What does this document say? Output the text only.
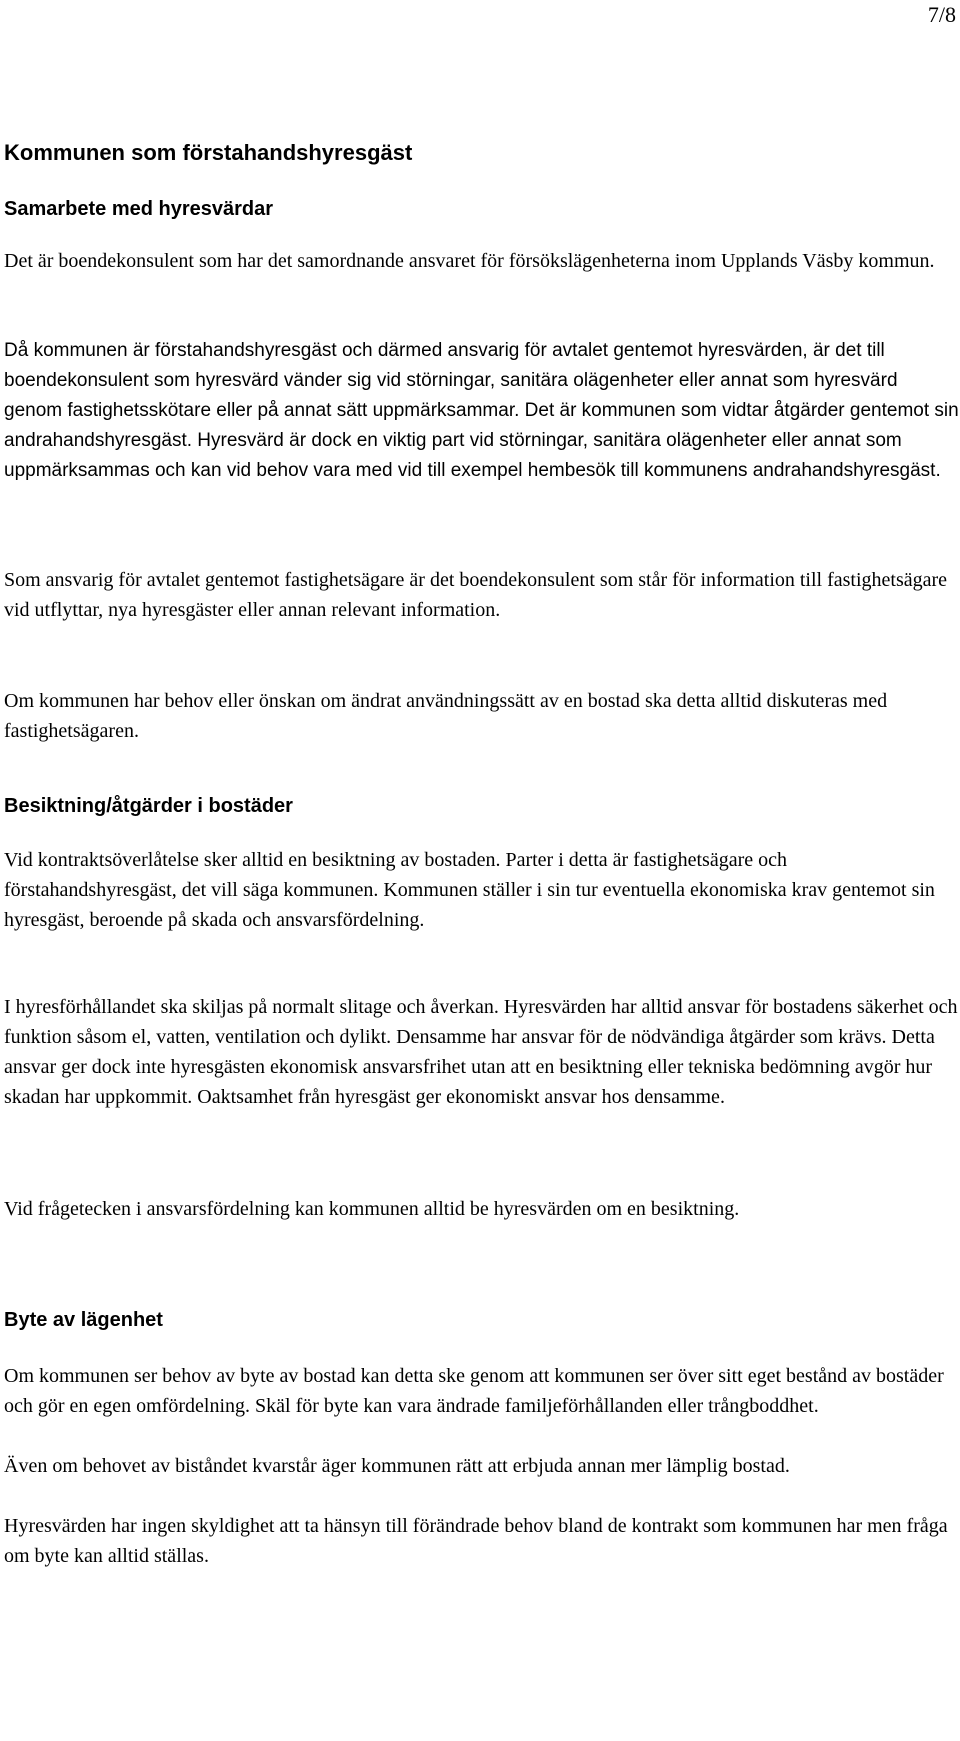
7/8
Kommunen som förstahandshyresgäst
Samarbete med hyresvärdar

Det är boendekonsulent som har det samordnande ansvaret för försökslägenheterna inom Upplands Väsby kommun.

Då kommunen är förstahandshyresgäst och därmed ansvarig för avtalet gentemot hyresvärden, är det till boendekonsulent som hyresvärd vänder sig vid störningar, sanitära olägenheter eller annat som hyresvärd genom fastighetsskötare eller på annat sätt uppmärksammar. Det är kommunen som vidtar åtgärder gentemot sin andrahandshyresgäst. Hyresvärd är dock en viktig part vid störningar, sanitära olägenheter eller annat som uppmärksammas och kan vid behov vara med vid till exempel hembesök till kommunens andrahandshyresgäst.

Som ansvarig för avtalet gentemot fastighetsägare är det boendekonsulent som står för information till fastighetsägare vid utflyttar, nya hyresgäster eller annan relevant information.

Om kommunen har behov eller önskan om ändrat användningssätt av en bostad ska detta alltid diskuteras med fastighetsägaren.

Besiktning/åtgärder i bostäder

Vid kontraktsöverlåtelse sker alltid en besiktning av bostaden. Parter i detta är fastighetsägare och förstahandshyresgäst, det vill säga kommunen. Kommunen ställer i sin tur eventuella ekonomiska krav gentemot sin hyresgäst, beroende på skada och ansvarsfördelning.

I hyresförhållandet ska skiljas på normalt slitage och åverkan. Hyresvärden har alltid ansvar för bostadens säkerhet och funktion såsom el, vatten, ventilation och dylikt. Densamme har ansvar för de nödvändiga åtgärder som krävs. Detta ansvar ger dock inte hyresgästen ekonomisk ansvarsfrihet utan att en besiktning eller tekniska bedömning avgör hur skadan har uppkommit. Oaktsamhet från hyresgäst ger ekonomiskt ansvar hos densamme.

Vid frågetecken i ansvarsfördelning kan kommunen alltid be hyresvärden om en besiktning.

Byte av lägenhet

Om kommunen ser behov av byte av bostad kan detta ske genom att kommunen ser över sitt eget bestånd av bostäder och gör en egen omfördelning. Skäl för byte kan vara ändrade familjeförhållanden eller trångboddhet.

Även om behovet av biståndet kvarstår äger kommunen rätt att erbjuda annan mer lämplig bostad.

Hyresvärden har ingen skyldighet att ta hänsyn till förändrade behov bland de kontrakt som kommunen har men fråga om byte kan alltid ställas.
